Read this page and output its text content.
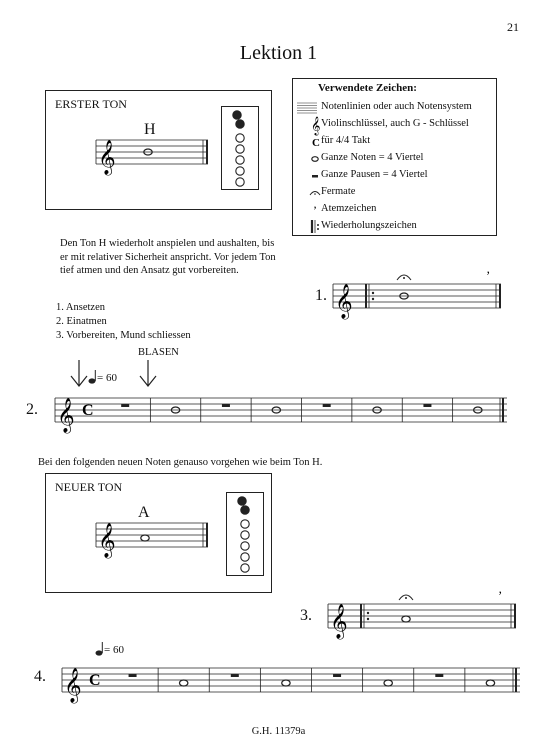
21
Lektion 1
ERSTER TON
H
𝄞
Verwendete Zeichen:
Notenlinien oder auch Notensystem
𝄞 Violinschlüssel, auch G - Schlüssel
C für 4/4 Takt
Ganze Noten = 4 Viertel
Ganze Pausen = 4 Viertel
Fermate
’ Atemzeichen
Wiederholungszeichen
Den Ton H wiederholt anspielen und aushalten, bis er mit relativer Sicherheit anspricht. Vor jedem Ton tief atmen und den Ansatz gut vorbereiten.
1. Ansetzen
2. Einatmen
3. Vorbereiten, Mund schliessen
1. 𝄞
’
BLASEN
= 60
2. 𝄞 C
Bei den folgenden neuen Noten genauso vorgehen wie beim Ton H.
NEUER TON
A
𝄞
3. 𝄞
’
= 60
4. 𝄞 C
G.H. 11379a
